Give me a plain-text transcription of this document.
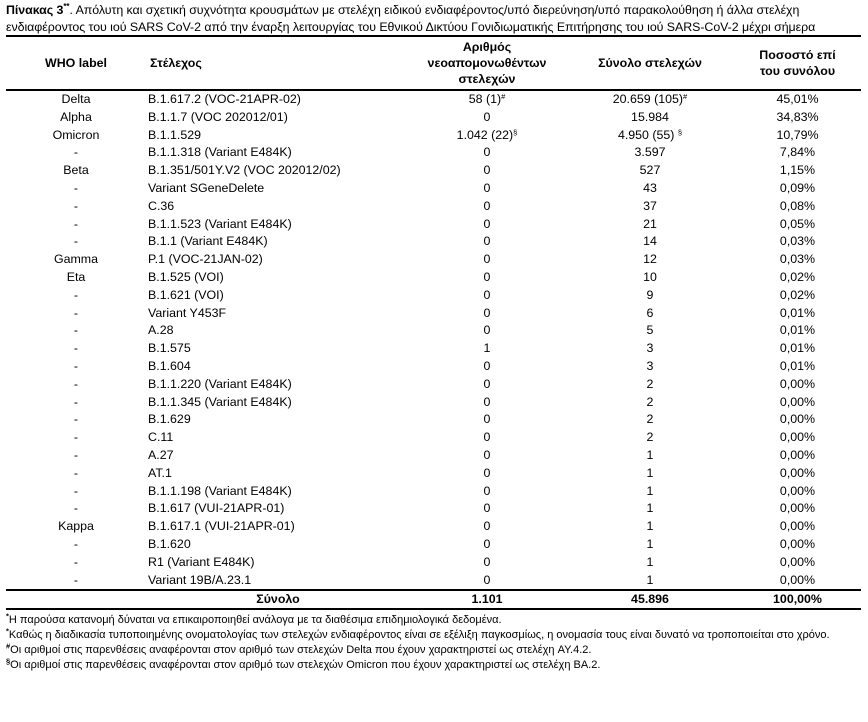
Πίνακας 3**. Απόλυτη και σχετική συχνότητα κρουσμάτων με στελέχη ειδικού ενδιαφέροντος/υπό διερεύνηση/υπό παρακολούθηση ή άλλα στελέχη ενδιαφέροντος του ιού SARS CoV-2 από την έναρξη λειτουργίας του Εθνικού Δικτύου Γονιδιωματικής Επιτήρησης του ιού SARS-CoV-2 μέχρι σήμερα

WHO label	Στέλεχος	Αριθμός
νεοαπομονωθέντων
στελεχών	Σύνολο στελεχών	Ποσοστό επί
του συνόλου
Delta	B.1.617.2 (VOC-21APR-02)	58 (1)#	20.659 (105)#	45,01%
Alpha	B.1.1.7 (VOC 202012/01)	0	15.984	34,83%
Omicron	B.1.1.529	1.042 (22)§	4.950 (55) §	10,79%
-	B.1.1.318 (Variant E484K)	0	3.597	7,84%
Beta	B.1.351/501Y.V2 (VOC 202012/02)	0	527	1,15%
-	Variant SGeneDelete	0	43	0,09%
-	C.36	0	37	0,08%
-	B.1.1.523 (Variant E484K)	0	21	0,05%
-	B.1.1 (Variant E484K)	0	14	0,03%
Gamma	P.1 (VOC-21JAN-02)	0	12	0,03%
Eta	B.1.525 (VOI)	0	10	0,02%
-	B.1.621 (VOI)	0	9	0,02%
-	Variant Y453F	0	6	0,01%
-	A.28	0	5	0,01%
-	B.1.575	1	3	0,01%
-	B.1.604	0	3	0,01%
-	B.1.1.220 (Variant E484K)	0	2	0,00%
-	B.1.1.345 (Variant E484K)	0	2	0,00%
-	B.1.629	0	2	0,00%
-	C.11	0	2	0,00%
-	A.27	0	1	0,00%
-	AT.1	0	1	0,00%
-	B.1.1.198 (Variant E484K)	0	1	0,00%
-	B.1.617 (VUI-21APR-01)	0	1	0,00%
Kappa	B.1.617.1 (VUI-21APR-01)	0	1	0,00%
-	B.1.620	0	1	0,00%
-	R1 (Variant E484K)	0	1	0,00%
-	Variant 19B/A.23.1	0	1	0,00%
	Σύνολο	1.101	45.896	100,00%

*Η παρούσα κατανομή δύναται να επικαιροποιηθεί ανάλογα με τα διαθέσιμα επιδημιολογικά δεδομένα.

*Καθώς η διαδικασία τυποποιημένης ονοματολογίας των στελεχών ενδιαφέροντος είναι σε εξέλιξη παγκοσμίως, η ονομασία τους είναι δυνατό να τροποποιείται στο χρόνο.

#Οι αριθμοί στις παρενθέσεις αναφέρονται στον αριθμό των στελεχών Delta που έχουν χαρακτηριστεί ως στελέχη AY.4.2.

§Οι αριθμοί στις παρενθέσεις αναφέρονται στον αριθμό των στελεχών Omicron που έχουν χαρακτηριστεί ως στελέχη BA.2.
